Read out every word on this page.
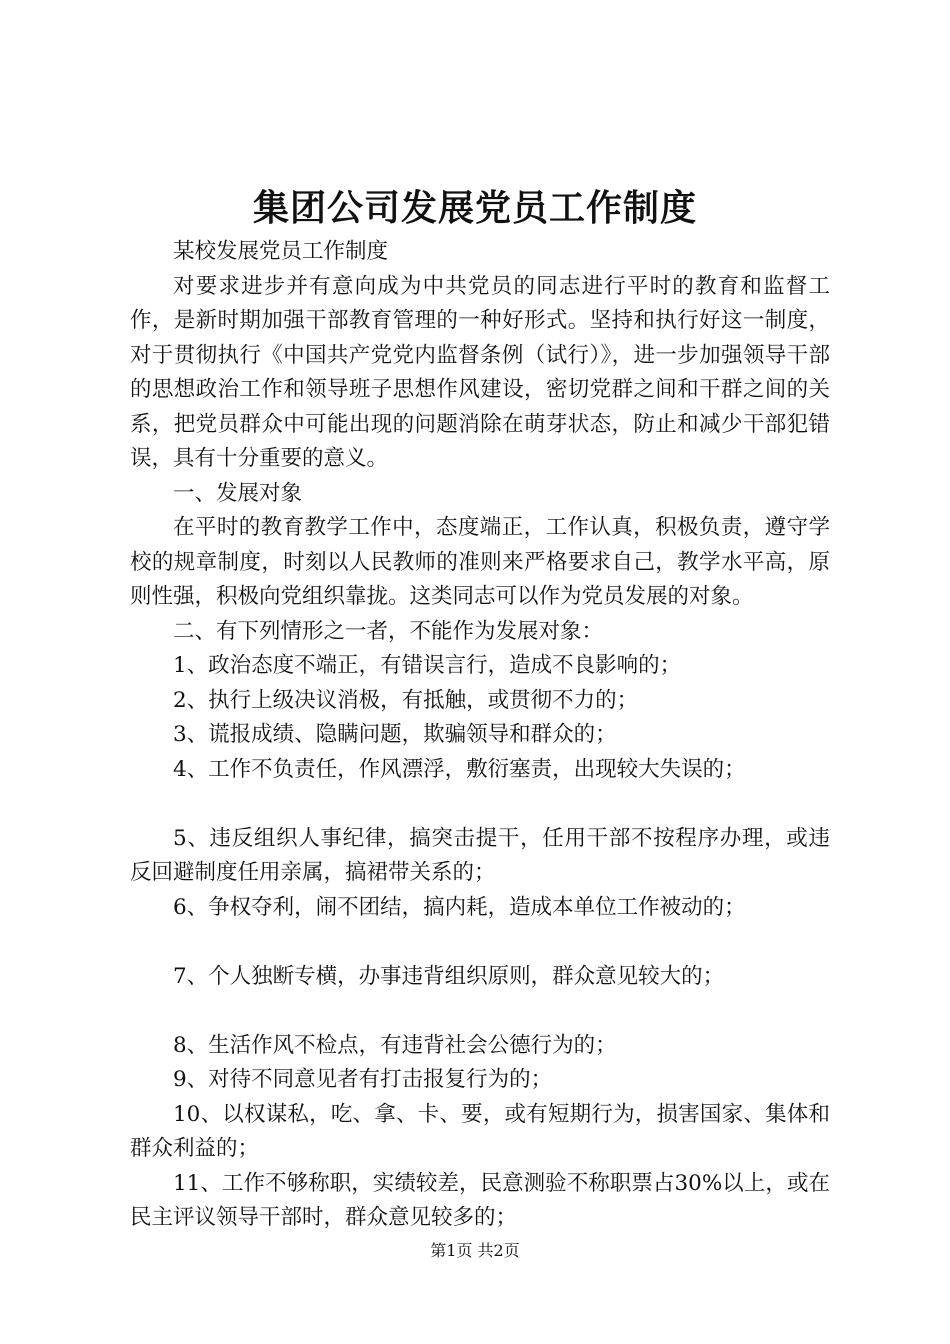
集团公司发展党员工作制度

某校发展党员工作制度

对要求进步并有意向成为中共党员的同志进行平时的教育和监督工作，是新时期加强干部教育管理的一种好形式。坚持和执行好这一制度，对于贯彻执行《中国共产党党内监督条例（试行）》，进一步加强领导干部的思想政治工作和领导班子思想作风建设，密切党群之间和干群之间的关系，把党员群众中可能出现的问题消除在萌芽状态，防止和减少干部犯错误，具有十分重要的意义。

一、发展对象

在平时的教育教学工作中，态度端正，工作认真，积极负责，遵守学校的规章制度，时刻以人民教师的准则来严格要求自己，教学水平高，原则性强，积极向党组织靠拢。这类同志可以作为党员发展的对象。

二、有下列情形之一者，不能作为发展对象：

1、政治态度不端正，有错误言行，造成不良影响的；

2、执行上级决议消极，有抵触，或贯彻不力的；

3、谎报成绩、隐瞒问题，欺骗领导和群众的；

4、工作不负责任，作风漂浮，敷衍塞责，出现较大失误的；

5、违反组织人事纪律，搞突击提干，任用干部不按程序办理，或违反回避制度任用亲属，搞裙带关系的；

6、争权夺利，闹不团结，搞内耗，造成本单位工作被动的；

7、个人独断专横，办事违背组织原则，群众意见较大的；

8、生活作风不检点，有违背社会公德行为的；

9、对待不同意见者有打击报复行为的；

10、以权谋私，吃、拿、卡、要，或有短期行为，损害国家、集体和群众利益的；

11、工作不够称职，实绩较差，民意测验不称职票占30%以上，或在民主评议领导干部时，群众意见较多的；

第1页 共2页
